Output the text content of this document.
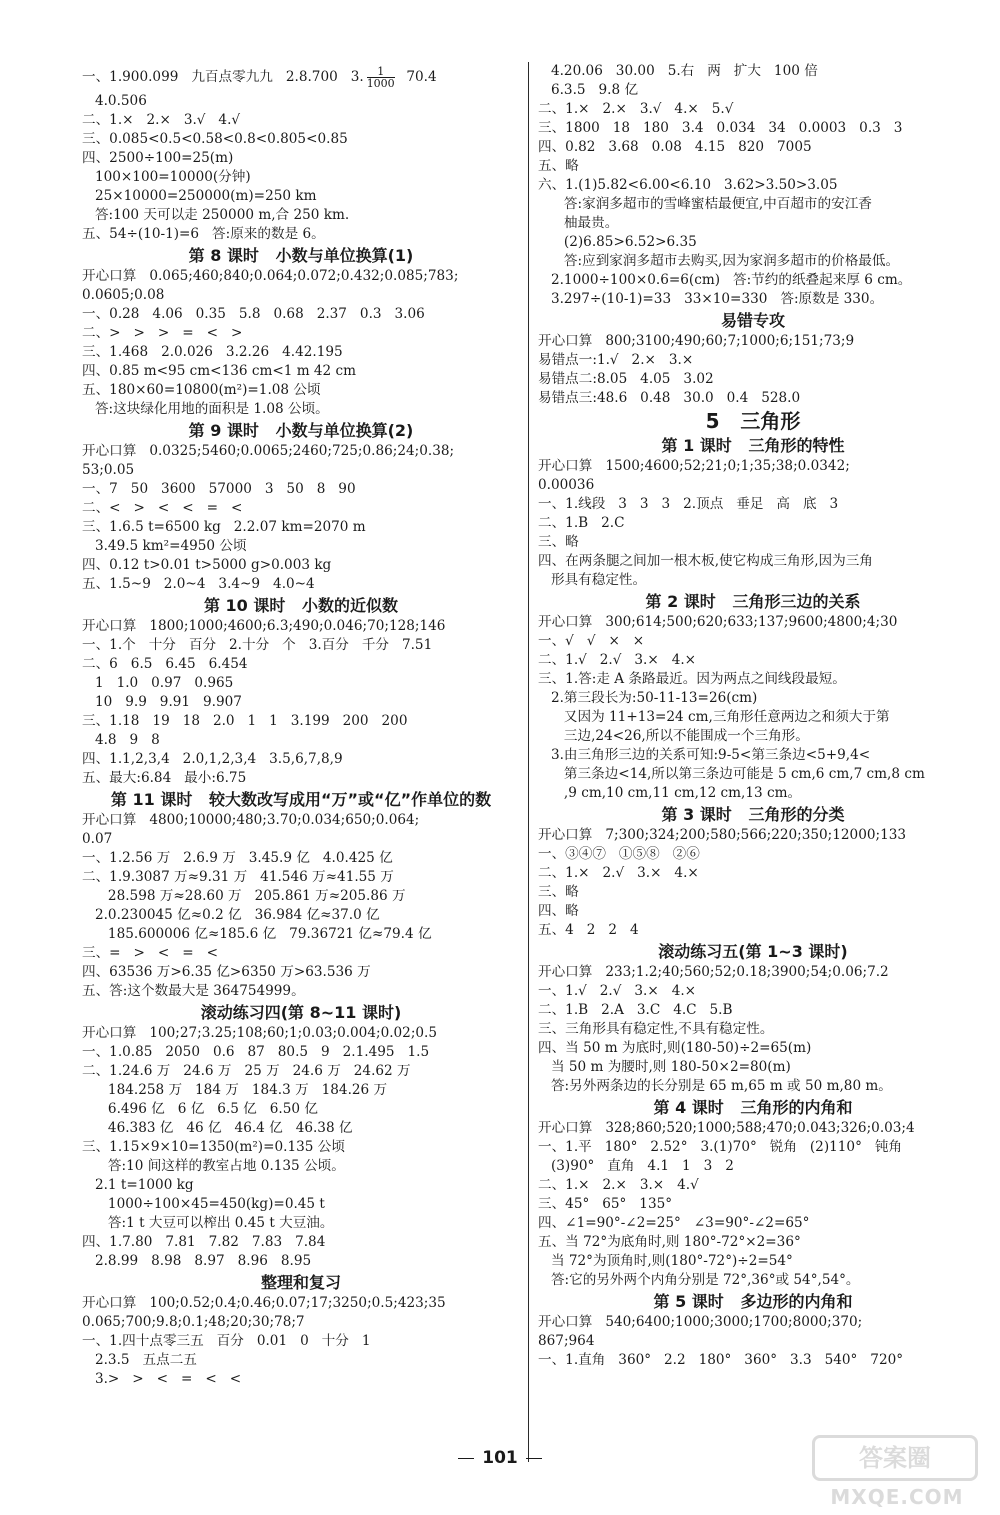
一、1.900.099   九百点零九九   2.8.700   3. $\frac{1}{1000} 70.4$
4.0.506
二、1.×   2.×   3.√   4.√
三、0.085<0.5<0.58<0.8<0.805<0.85
四、2500÷100=25(m)
100×100=10000(分钟)
25×10000=250000(m)=250 km
答:100 天可以走 250000 m,合 250 km.
五、54÷(10-1)=6   答:原来的数是 6。
第 8 课时   小数与单位换算(1)
开心口算   0.065;460;840;0.064;0.072;0.432;0.085;783;
0.0605;0.08
一、0.28   4.06   0.35   5.8   0.68   2.37   0.3   3.06
二、>   >   >   =   <   >
三、1.468   2.0.026   3.2.26   4.42.195
四、0.85 m<95 cm<136 cm<1 m 42 cm
五、180×60=10800(m²)=1.08 公顷
答:这块绿化用地的面积是 1.08 公顷。
第 9 课时   小数与单位换算(2)
开心口算   0.0325;5460;0.0065;2460;725;0.86;24;0.38;
53;0.05
一、7   50   3600   57000   3   50   8   90
二、<   >   <   <   =   <
三、1.6.5 t=6500 kg   2.2.07 km=2070 m
3.49.5 km²=4950 公顷
四、0.12 t>0.01 t>5000 g>0.003 kg
五、1.5~9   2.0~4   3.4~9   4.0~4
第 10 课时   小数的近似数
开心口算   1800;1000;4600;6.3;490;0.046;70;128;146
一、1.个   十分   百分   2.十分   个   3.百分   千分   7.51
二、6   6.5   6.45   6.454
1   1.0   0.97   0.965
10   9.9   9.91   9.907
三、1.18   19   18   2.0   1   1   3.199   200   200
4.8   9   8
四、1.1,2,3,4   2.0,1,2,3,4   3.5,6,7,8,9
五、最大:6.84   最小:6.75
第 11 课时   较大数改写成用“万”或“亿”作单位的数
开心口算   4800;10000;480;3.70;0.034;650;0.064;
0.07
一、1.2.56 万   2.6.9 万   3.45.9 亿   4.0.425 亿
二、1.9.3087 万≈9.31 万   41.546 万≈41.55 万
28.598 万≈28.60 万   205.861 万≈205.86 万
2.0.230045 亿≈0.2 亿   36.984 亿≈37.0 亿
185.600006 亿≈185.6 亿   79.36721 亿≈79.4 亿
三、=   >   <   =   <
四、63536 万>6.35 亿>6350 万>63.536 万
五、答:这个数最大是 364754999。
滚动练习四(第 8~11 课时)
开心口算   100;27;3.25;108;60;1;0.03;0.004;0.02;0.5
一、1.0.85   2050   0.6   87   80.5   9   2.1.495   1.5
二、1.24.6 万   24.6 万   25 万   24.6 万   24.62 万
184.258 万   184 万   184.3 万   184.26 万
6.496 亿   6 亿   6.5 亿   6.50 亿
46.383 亿   46 亿   46.4 亿   46.38 亿
三、1.15×9×10=1350(m²)=0.135 公顷
答:10 间这样的教室占地 0.135 公顷。
2.1 t=1000 kg
1000÷100×45=450(kg)=0.45 t
答:1 t 大豆可以榨出 0.45 t 大豆油。
四、1.7.80   7.81   7.82   7.83   7.84
2.8.99   8.98   8.97   8.96   8.95
整理和复习
开心口算   100;0.52;0.4;0.46;0.07;17;3250;0.5;423;35
0.065;700;9.8;0.1;48;20;30;78;7
一、1.四十点零三五   百分   0.01   0   十分   1
2.3.5   五点二五
3.>   >   <   =   <   <
4.20.06   30.00   5.右   两   扩大   100 倍
6.3.5   9.8 亿
二、1.×   2.×   3.√   4.×   5.√
三、1800   18   180   3.4   0.034   34   0.0003   0.3   3
四、0.82   3.68   0.08   4.15   820   7005
五、略
六、1.(1)5.82<6.00<6.10   3.62>3.50>3.05
答:家润多超市的雪峰蜜桔最便宜,中百超市的安江香
柚最贵。
(2)6.85>6.52>6.35
答:应到家润多超市去购买,因为家润多超市的价格最低。
2.1000÷100×0.6=6(cm)   答:节约的纸叠起来厚 6 cm。
3.297÷(10-1)=33   33×10=330   答:原数是 330。
易错专攻
开心口算   800;3100;490;60;7;1000;6;151;73;9
易错点一:1.√   2.×   3.×
易错点二:8.05   4.05   3.02
易错点三:48.6   0.48   30.0   0.4   528.0
5   三角形
第 1 课时   三角形的特性
开心口算   1500;4600;52;21;0;1;35;38;0.0342;
0.00036
一、1.线段   3   3   3   2.顶点   垂足   高   底   3
二、1.B   2.C
三、略
四、在两条腿之间加一根木板,使它构成三角形,因为三角
形具有稳定性。
第 2 课时   三角形三边的关系
开心口算   300;614;500;620;633;137;9600;4800;4;30
一、√   √   ×   ×
二、1.√   2.√   3.×   4.×
三、1.答:走 A 条路最近。因为两点之间线段最短。
2.第三段长为:50-11-13=26(cm)
又因为 11+13=24 cm,三角形任意两边之和须大于第
三边,24<26,所以不能围成一个三角形。
3.由三角形三边的关系可知:9-5<第三条边<5+9,4<
第三条边<14,所以第三条边可能是 5 cm,6 cm,7 cm,8 cm
,9 cm,10 cm,11 cm,12 cm,13 cm。
第 3 课时   三角形的分类
开心口算   7;300;324;200;580;566;220;350;12000;133
一、③④⑦   ①⑤⑧   ②⑥
二、1.×   2.√   3.×   4.×
三、略
四、略
五、4   2   2   4
滚动练习五(第 1~3 课时)
开心口算   233;1.2;40;560;52;0.18;3900;54;0.06;7.2
一、1.√   2.√   3.×   4.×
二、1.B   2.A   3.C   4.C   5.B
三、三角形具有稳定性,不具有稳定性。
四、当 50 m 为底时,则(180-50)÷2=65(m)
当 50 m 为腰时,则 180-50×2=80(m)
答:另外两条边的长分别是 65 m,65 m 或 50 m,80 m。
第 4 课时   三角形的内角和
开心口算   328;860;520;1000;588;470;0.043;326;0.03;4
一、1.平   180°   2.52°   3.(1)70°   锐角   (2)110°   钝角
(3)90°   直角   4.1   1   3   2
二、1.×   2.×   3.×   4.√
三、45°   65°   135°
四、∠1=90°-∠2=25°   ∠3=90°-∠2=65°
五、当 72°为底角时,则 180°-72°×2=36°
当 72°为顶角时,则(180°-72°)÷2=54°
答:它的另外两个内角分别是 72°,36°或 54°,54°。
第 5 课时   多边形的内角和
开心口算   540;6400;1000;3000;1700;8000;370;
867;964
一、1.直角   360°   2.2   180°   360°   3.3   540°   720°
101	答案圈
MXQE.COM
